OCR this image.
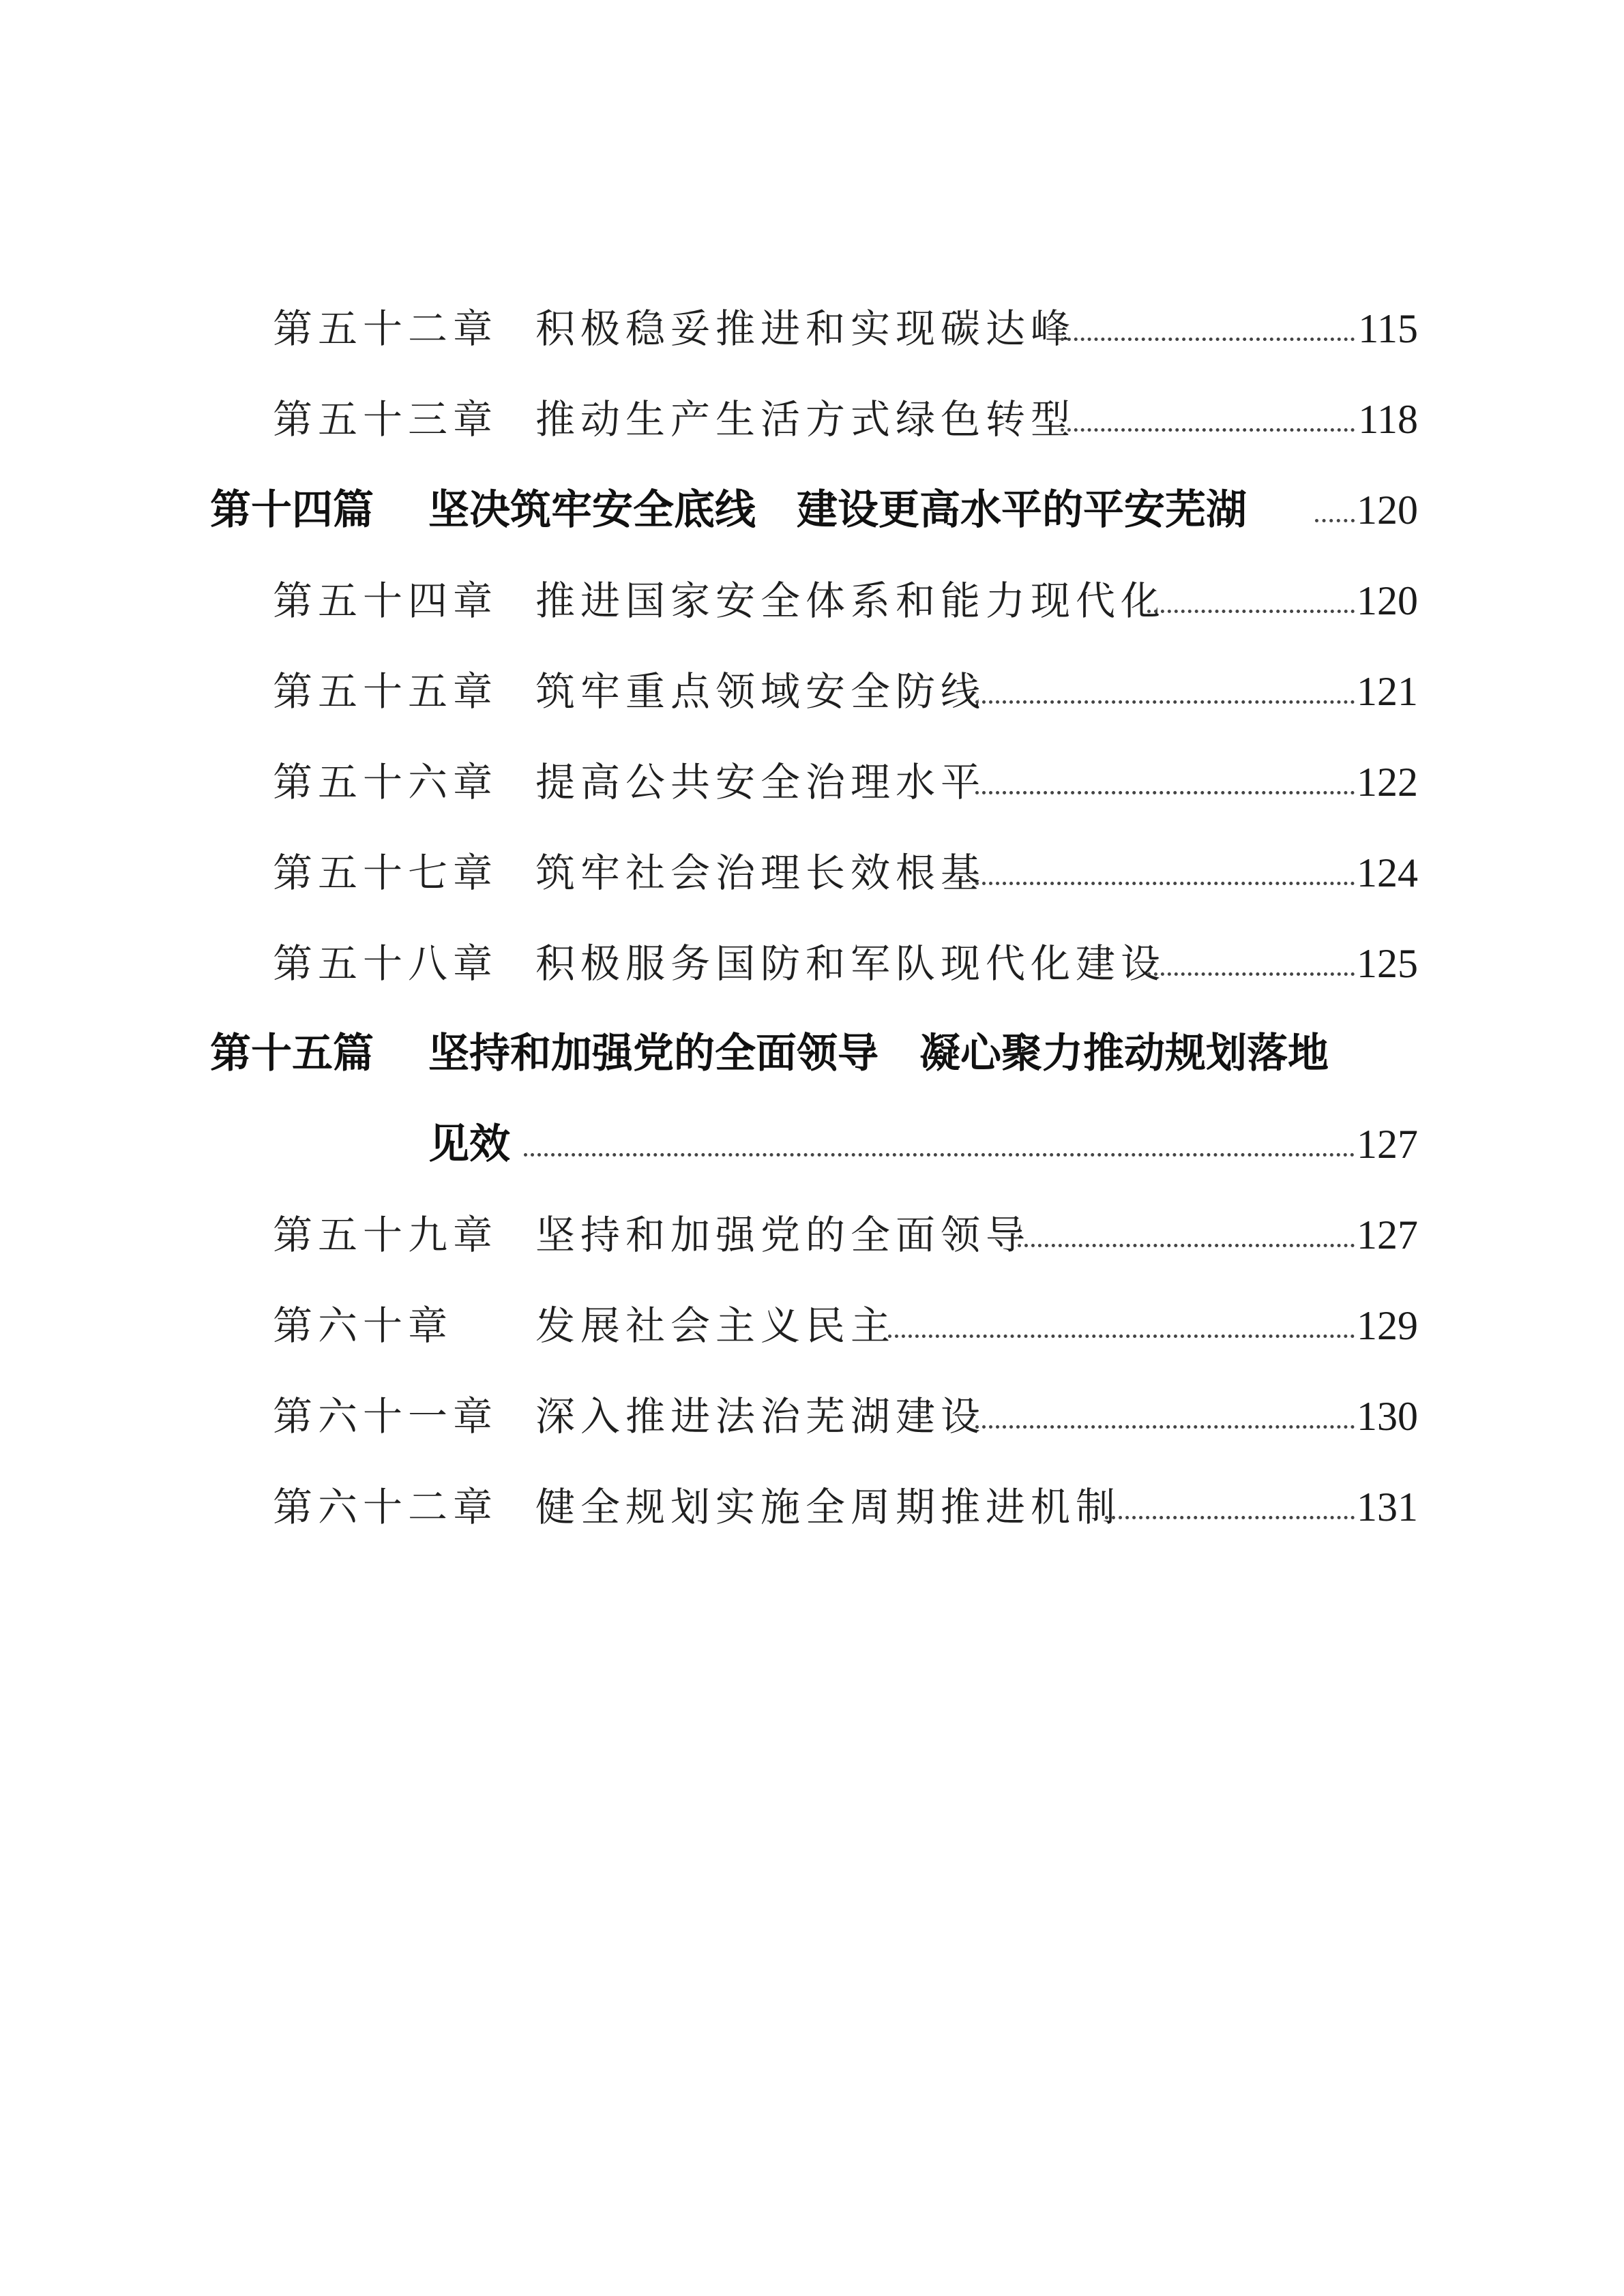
第五十二章 积极稳妥推进和实现碳达峰	115
第五十三章 推动生产生活方式绿色转型	118
第十四篇 坚决筑牢安全底线　建设更高水平的平安芜湖	120
第五十四章 推进国家安全体系和能力现代化	120
第五十五章 筑牢重点领域安全防线	121
第五十六章 提高公共安全治理水平	122
第五十七章 筑牢社会治理长效根基	124
第五十八章 积极服务国防和军队现代化建设	125
第十五篇 坚持和加强党的全面领导　凝心聚力推动规划落地
见效	127
第五十九章 坚持和加强党的全面领导	127
第六十章 发展社会主义民主	129
第六十一章 深入推进法治芜湖建设	130
第六十二章 健全规划实施全周期推进机制	131
